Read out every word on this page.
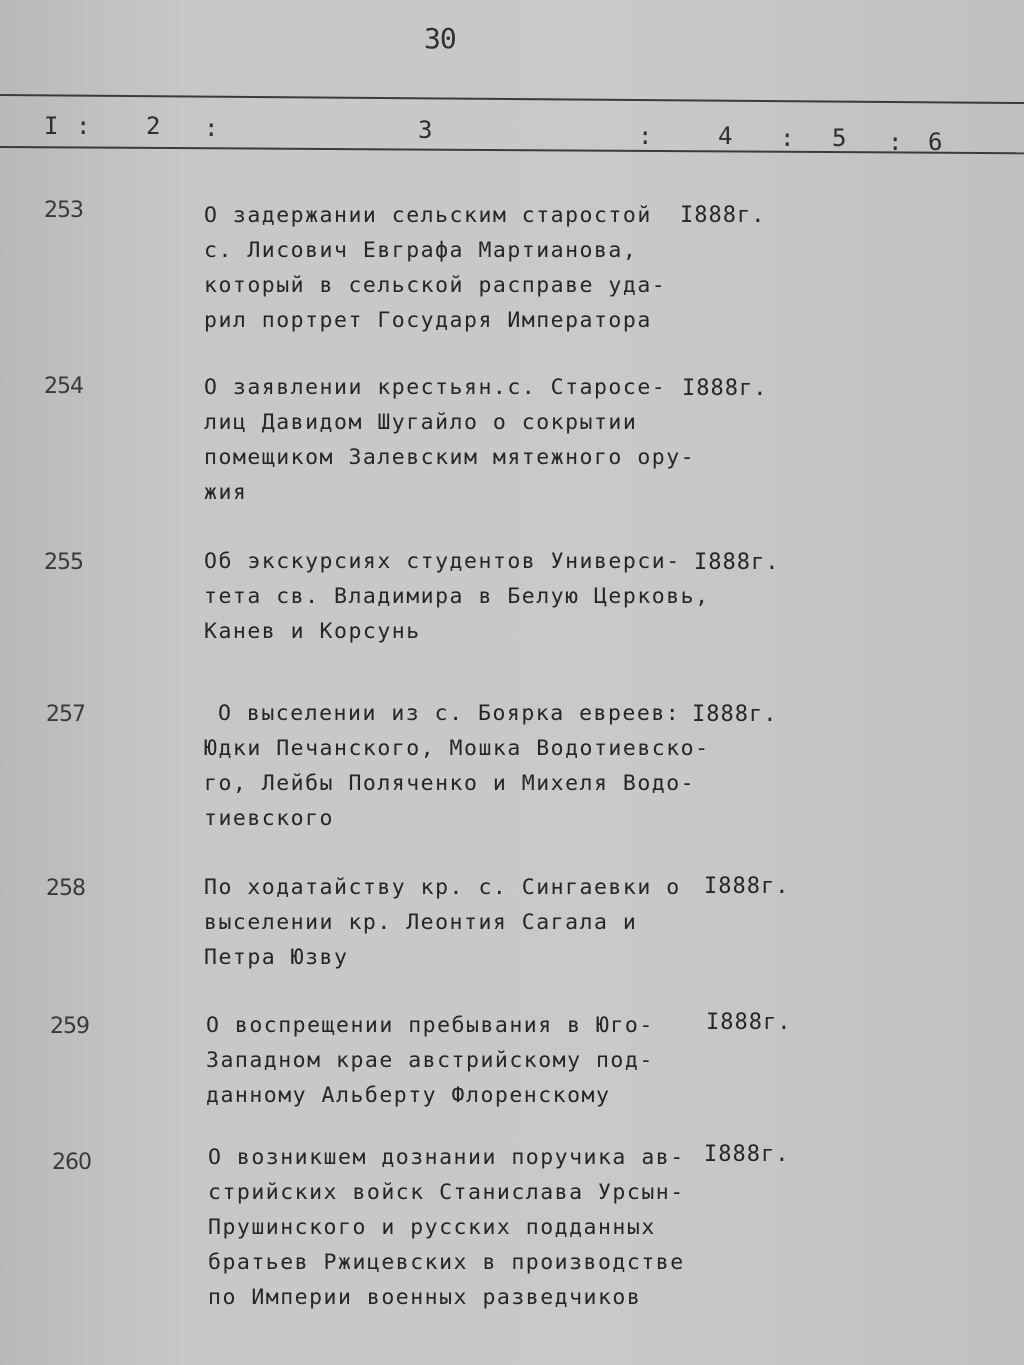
30
I : 2 :	3	:	4 : 5 : 6
253	О задержании сельским старостой
с. Лисович Евграфа Мартианова,
который в сельской расправе уда-
рил портрет Государя Императора
I888г.
254	О заявлении крестьян.с. Старосе-
лиц Давидом Шугайло о сокрытии
помещиком Залевским мятежного ору-
жия
I888г.
255	Об экскурсиях студентов Универси-
тета св. Владимира в Белую Церковь,
Канев и Корсунь
I888г.
257	О выселении из с. Боярка евреев:
Юдки Печанского, Мошка Водотиевско-
го, Лейбы Поляченко и Михеля Водо-
тиевского
I888г.
258	По ходатайству кр. с. Сингаевки о
выселении кр. Леонтия Сагала и
Петра Юзву
I888г.
259	О воспрещении пребывания в Юго-
Западном крае австрийскому под-
данному Альберту Флоренскому
I888г.
260	О возникшем дознании поручика ав-
стрийских войск Станислава Урсын-
Прушинского и русских подданных
братьев Ржицевских в производстве
по Империи военных разведчиков
I888г.
